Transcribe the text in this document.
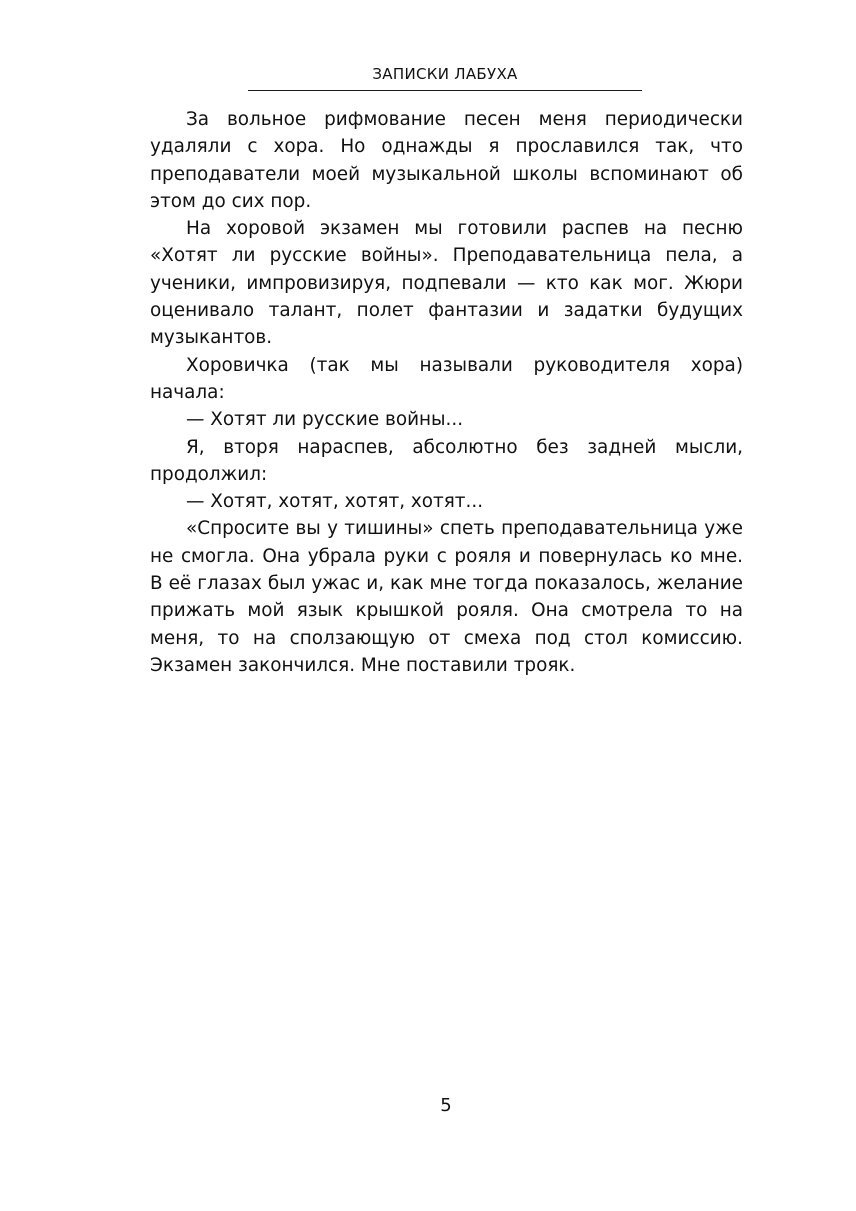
ЗАПИСКИ ЛАБУХА

За вольное рифмование песен меня периодически удаляли с хора. Но однажды я прославился так, что преподаватели моей музыкальной школы вспоминают об этом до сих пор.

На хоровой экзамен мы готовили распев на песню «Хотят ли русские войны». Преподавательница пела, а ученики, импровизируя, подпевали — кто как мог. Жюри оценивало талант, полет фантазии и задатки будущих музыкантов.

Хоровичка (так мы называли руководителя хора) начала:

— Хотят ли русские войны...

Я, вторя нараспев, абсолютно без задней мысли, продолжил:

— Хотят, хотят, хотят, хотят...

«Спросите вы у тишины» спеть преподавательница уже не смогла. Она убрала руки с рояля и повернулась ко мне. В её глазах был ужас и, как мне тогда показалось, желание прижать мой язык крышкой рояля. Она смотрела то на меня, то на сползающую от смеха под стол комиссию. Экзамен закончился. Мне поставили трояк.

5
